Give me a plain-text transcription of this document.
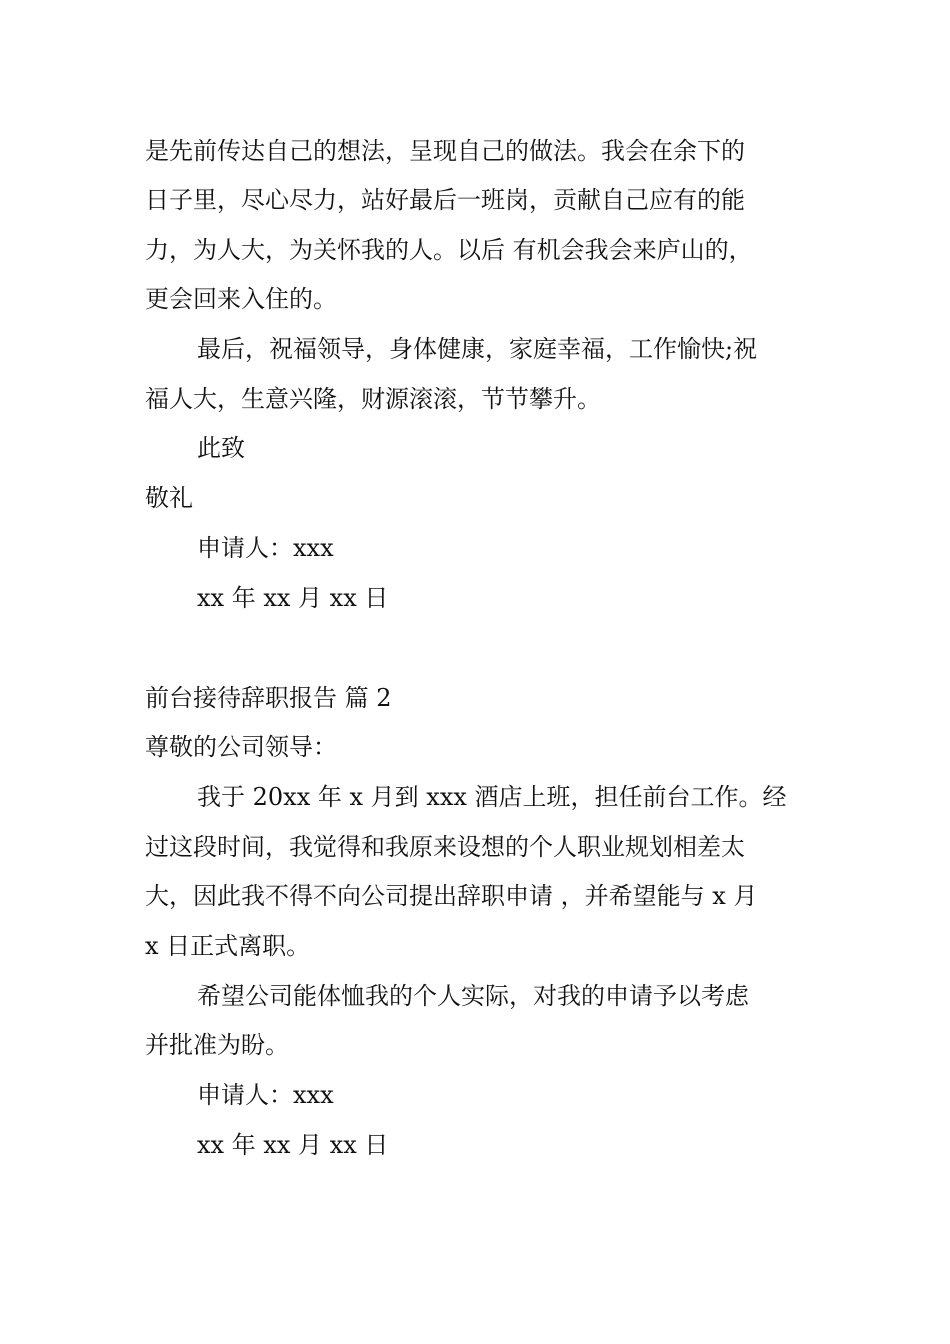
是先前传达自己的想法，呈现自己的做法。我会在余下的
日子里，尽心尽力，站好最后一班岗，贡献自己应有的能
力，为人大，为关怀我的人。以后 有机会我会来庐山的，
更会回来入住的。
最后，祝福领导，身体健康，家庭幸福，工作愉快;祝
福人大，生意兴隆，财源滚滚，节节攀升。
此致
敬礼
申请人：xxx
xx 年 xx 月 xx 日
前台接待辞职报告 篇 2
尊敬的公司领导：
我于 20xx 年 x 月到 xxx 酒店上班，担任前台工作。经
过这段时间，我觉得和我原来设想的个人职业规划相差太
大，因此我不得不向公司提出辞职申请 ，并希望能与 x 月
x 日正式离职。
希望公司能体恤我的个人实际，对我的申请予以考虑
并批准为盼。
申请人：xxx
xx 年 xx 月 xx 日
